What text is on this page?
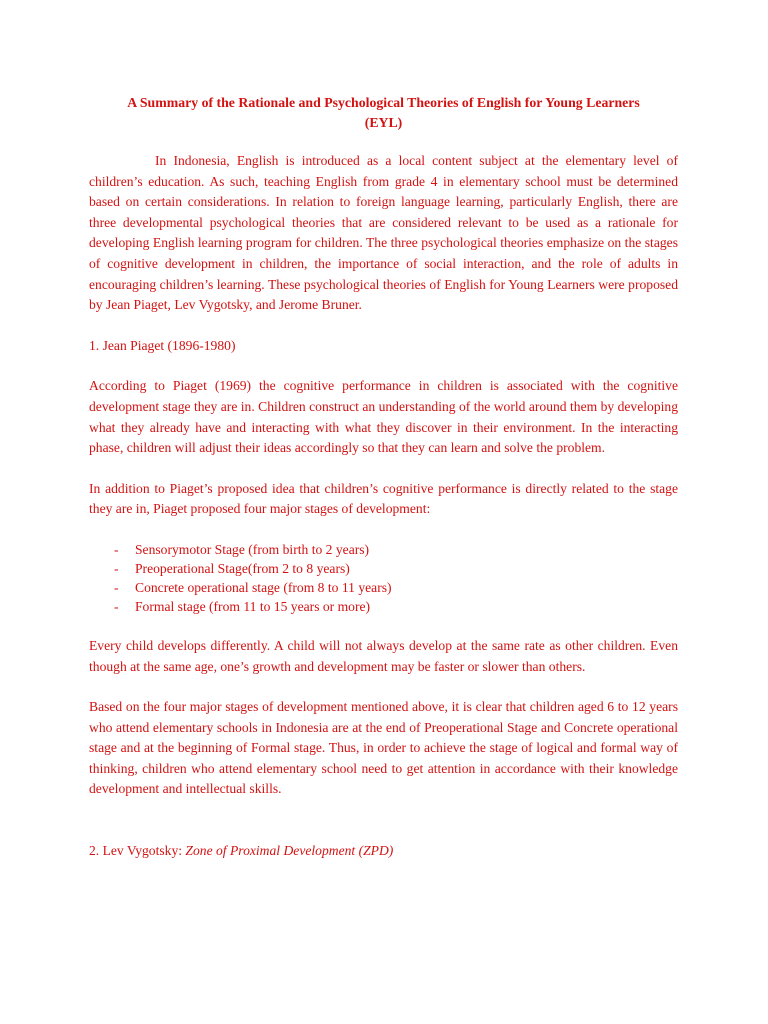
A Summary of the Rationale and Psychological Theories of English for Young Learners
(EYL)

In Indonesia, English is introduced as a local content subject at the elementary level of children’s education. As such, teaching English from grade 4 in elementary school must be determined based on certain considerations. In relation to foreign language learning, particularly English, there are three developmental psychological theories that are considered relevant to be used as a rationale for developing English learning program for children. The three psychological theories emphasize on the stages of cognitive development in children, the importance of social interaction, and the role of adults in encouraging children’s learning. These psychological theories of English for Young Learners were proposed by Jean Piaget, Lev Vygotsky, and Jerome Bruner.

1. Jean Piaget (1896-1980)

According to Piaget (1969) the cognitive performance in children is associated with the cognitive development stage they are in. Children construct an understanding of the world around them by developing what they already have and interacting with what they discover in their environment. In the interacting phase, children will adjust their ideas accordingly so that they can learn and solve the problem.

In addition to Piaget’s proposed idea that children’s cognitive performance is directly related to the stage they are in, Piaget proposed four major stages of development:

- Sensorymotor Stage (from birth to 2 years)
- Preoperational Stage(from 2 to 8 years)
- Concrete operational stage (from 8 to 11 years)
- Formal stage (from 11 to 15 years or more)

Every child develops differently. A child will not always develop at the same rate as other children. Even though at the same age, one’s growth and development may be faster or slower than others.

Based on the four major stages of development mentioned above, it is clear that children aged 6 to 12 years who attend elementary schools in Indonesia are at the end of Preoperational Stage and Concrete operational stage and at the beginning of Formal stage. Thus, in order to achieve the stage of logical and formal way of thinking, children who attend elementary school need to get attention in accordance with their knowledge development and intellectual skills.

2. Lev Vygotsky: Zone of Proximal Development (ZPD)
